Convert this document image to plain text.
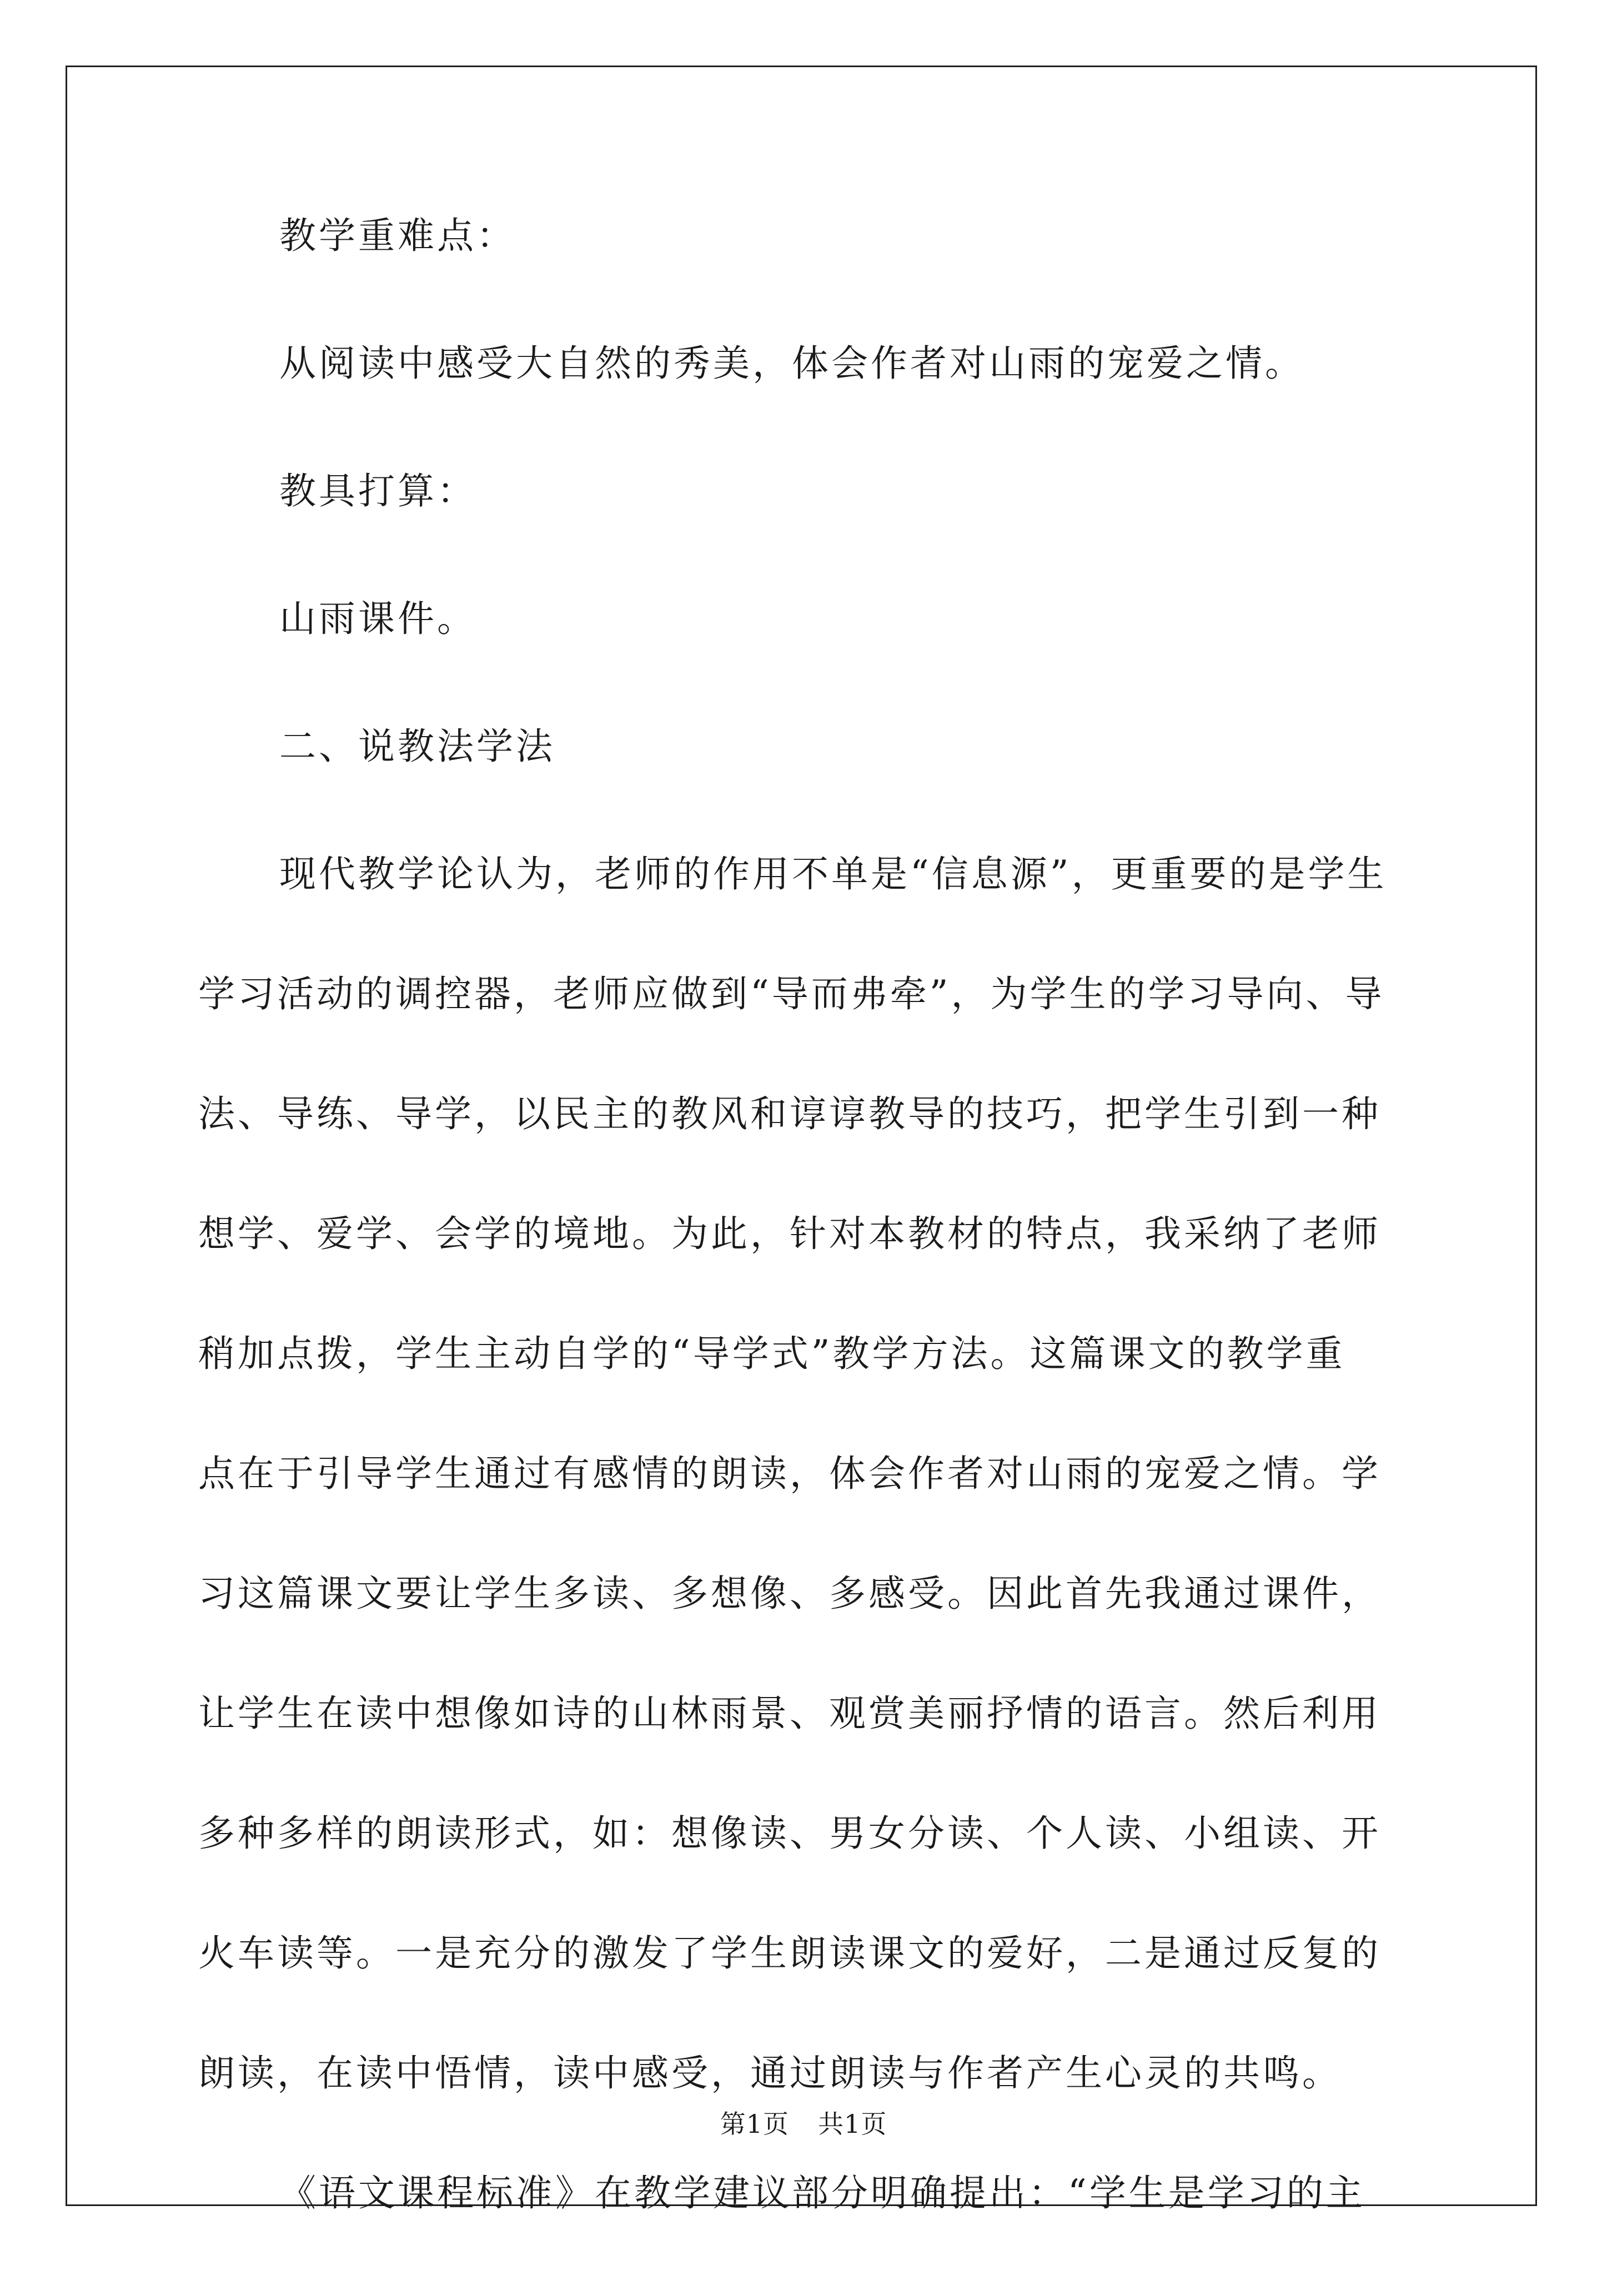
教学重难点：
从阅读中感受大自然的秀美，体会作者对山雨的宠爱之情。
教具打算：
山雨课件。
二、说教法学法
现代教学论认为，老师的作用不单是“信息源”，更重要的是学生
学习活动的调控器，老师应做到“导而弗牵”，为学生的学习导向、导
法、导练、导学，以民主的教风和谆谆教导的技巧，把学生引到一种
想学、爱学、会学的境地。为此，针对本教材的特点，我采纳了老师
稍加点拨，学生主动自学的“导学式”教学方法。这篇课文的教学重
点在于引导学生通过有感情的朗读，体会作者对山雨的宠爱之情。学
习这篇课文要让学生多读、多想像、多感受。因此首先我通过课件，
让学生在读中想像如诗的山林雨景、观赏美丽抒情的语言。然后利用
多种多样的朗读形式，如：想像读、男女分读、个人读、小组读、开
火车读等。一是充分的激发了学生朗读课文的爱好，二是通过反复的
朗读，在读中悟情，读中感受，通过朗读与作者产生心灵的共鸣。
《语文课程标准》在教学建议部分明确提出：“学生是学习的主
第1页 共1页
